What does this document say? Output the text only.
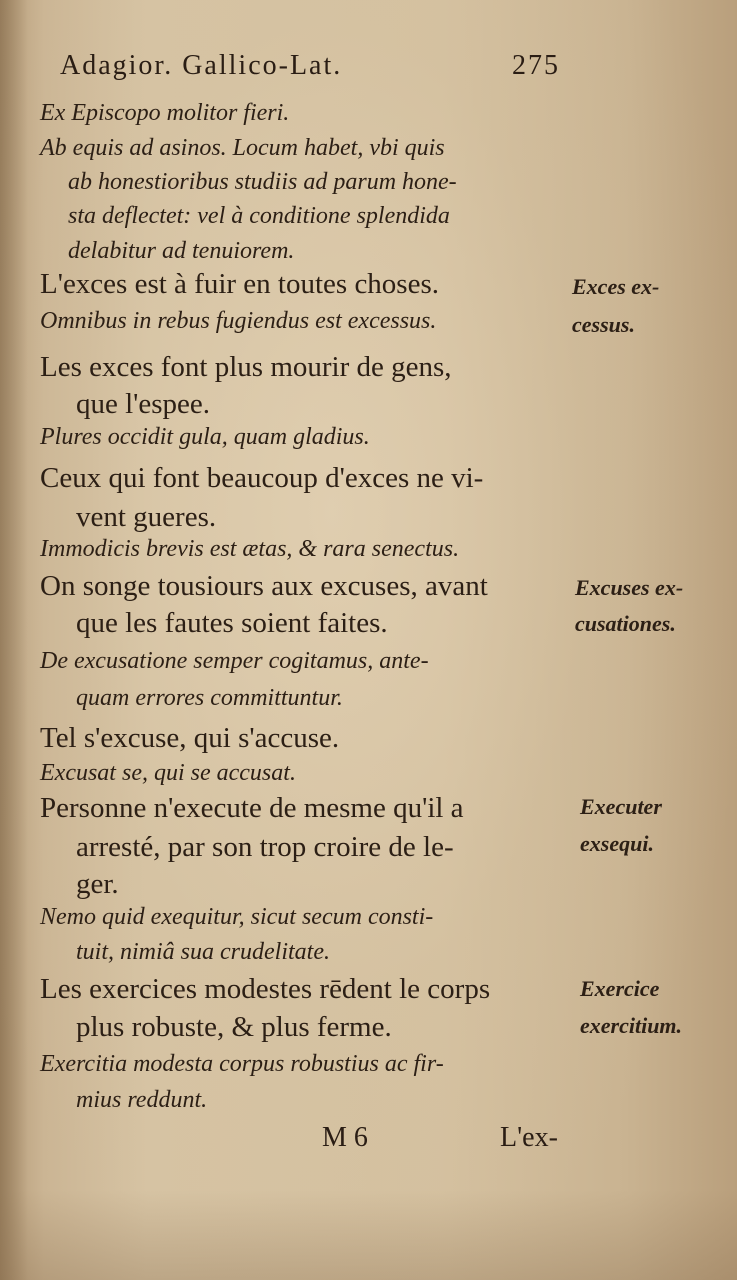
Adagior. Gallico-Lat.	275
Ex Episcopo molitor fieri.
Ab equis ad asinos. Locum habet, vbi quis
ab honestioribus studiis ad parum hone-
sta deflectet: vel à conditione splendida
delabitur ad tenuiorem.
L'exces est à fuir en toutes choses.
Omnibus in rebus fugiendus est excessus.
Les exces font plus mourir de gens,
que l'espee.
Plures occidit gula, quam gladius.
Ceux qui font beaucoup d'exces ne vi-
vent gueres.
Immodicis brevis est ætas, & rara senectus.
On songe tousiours aux excuses, avant
que les fautes soient faites.
De excusatione semper cogitamus, ante-
quam errores committuntur.
Tel s'excuse, qui s'accuse.
Excusat se, qui se accusat.
Personne n'execute de mesme qu'il a
arresté, par son trop croire de le-
ger.
Nemo quid exequitur, sicut secum consti-
tuit, nimiâ sua crudelitate.
Les exercices modestes rēdent le corps
plus robuste, & plus ferme.
Exercitia modesta corpus robustius ac fir-
mius reddunt.
Exces ex-
cessus.
Excuses ex-
cusationes.
Executer
exsequi.
Exercice
exercitium.
M 6	L'ex-
